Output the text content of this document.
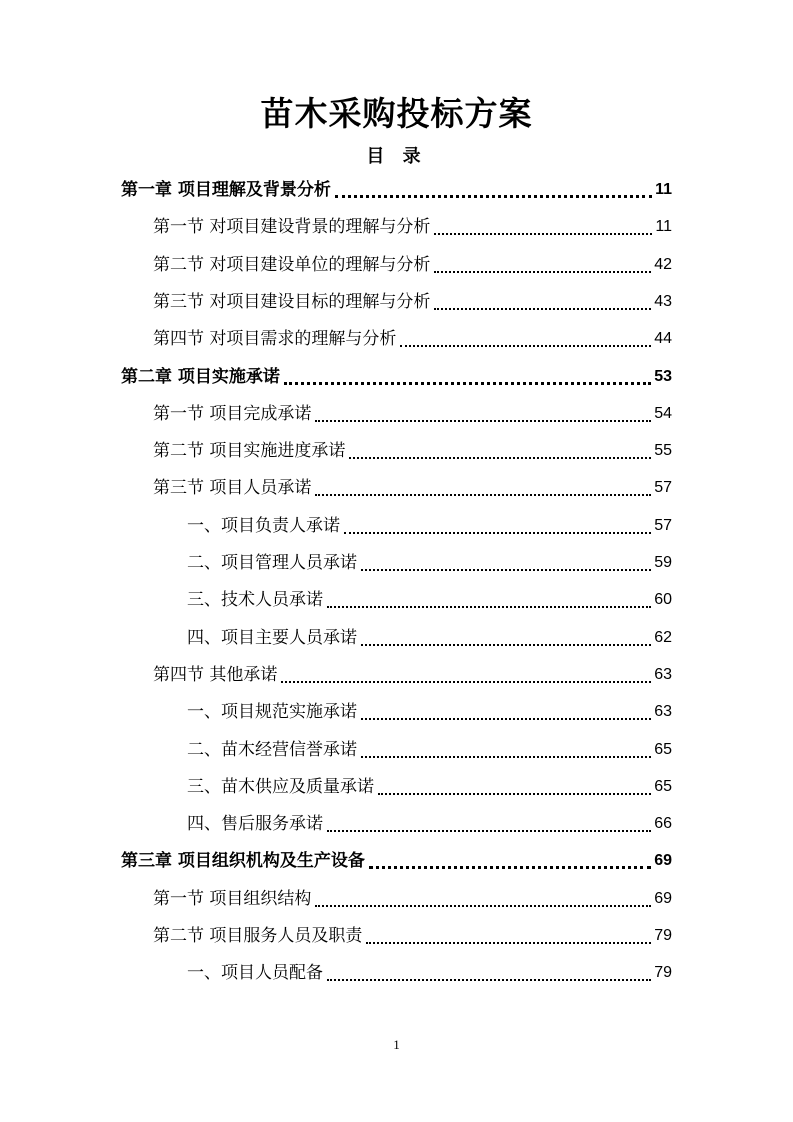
苗木采购投标方案
目 录
第一章 项目理解及背景分析	11
第一节 对项目建设背景的理解与分析	11
第二节 对项目建设单位的理解与分析	42
第三节 对项目建设目标的理解与分析	43
第四节 对项目需求的理解与分析	44
第二章 项目实施承诺	53
第一节 项目完成承诺	54
第二节 项目实施进度承诺	55
第三节 项目人员承诺	57
一、项目负责人承诺	57
二、项目管理人员承诺	59
三、技术人员承诺	60
四、项目主要人员承诺	62
第四节 其他承诺	63
一、项目规范实施承诺	63
二、苗木经营信誉承诺	65
三、苗木供应及质量承诺	65
四、售后服务承诺	66
第三章 项目组织机构及生产设备	69
第一节 项目组织结构	69
第二节 项目服务人员及职责	79
一、项目人员配备	79
1
